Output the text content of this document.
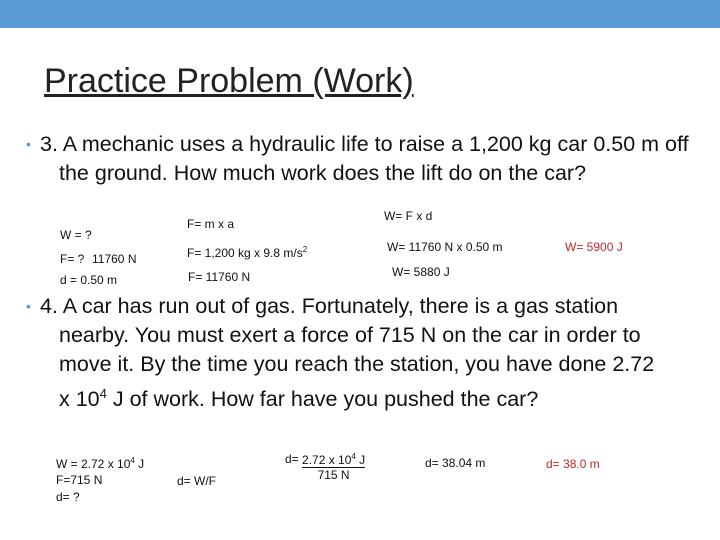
Practice Problem (Work)
• 3. A mechanic uses a hydraulic life to raise a 1,200 kg car 0.50 m off the ground. How much work does the lift do on the car?
W = ?
F= ? 11760 N
d = 0.50 m
F= m x a
F= 1,200 kg x 9.8 $m/s^2$
F= 11760 N
W= F x d
W= 11760 N x 0.50 m
W= 5880 J
W= 5900 J
• 4. A car has run out of gas. Fortunately, there is a gas station nearby. You must exert a force of 715 N on the car in order to move it. By the time you reach the station, you have done 2.72 x $10^4$ J of work. How far have you pushed the car?
W = 2.72 x $10^4$ J
F=715 N
d= ?
d= W/F
$d= \frac{2.72 x 10^4 J}{715 N}$	d= 38.04 m	d= 38.0 m
